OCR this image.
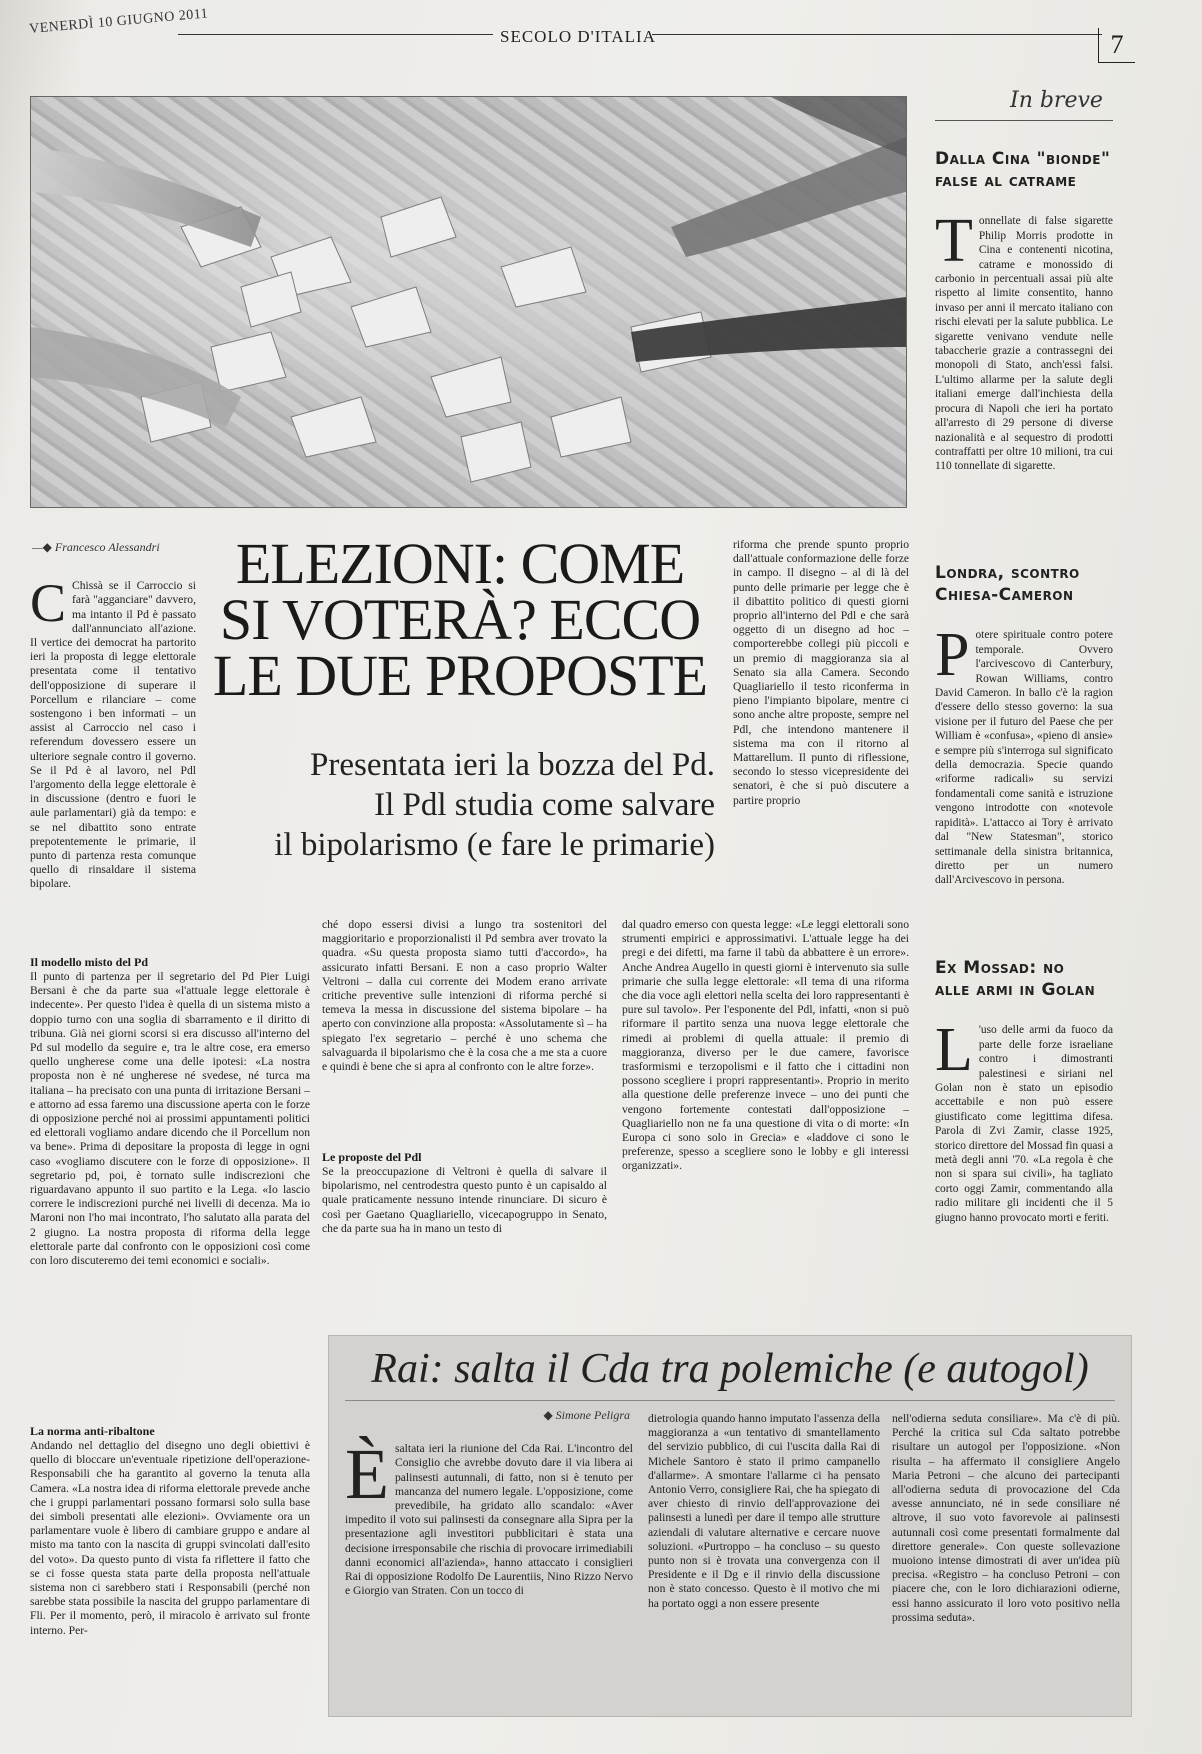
VENERDÌ 10 GIUGNO 2011	SECOLO D'ITALIA	7
—◆ Francesco Alessandri

C Chissà se il Carroccio si farà "agganciare" davvero, ma intanto il Pd è passato dall'annunciato all'azione. Il vertice dei democrat ha partorito ieri la proposta di legge elettorale presentata come il tentativo dell'opposizione di superare il Porcellum e rilanciare – come sostengono i ben informati – un assist al Carroccio nel caso i referendum dovessero essere un ulteriore segnale contro il governo. Se il Pd è al lavoro, nel Pdl l'argomento della legge elettorale è in discussione (dentro e fuori le aule parlamentari) già da tempo: e se nel dibattito sono entrate prepotentemente le primarie, il punto di partenza resta comunque quello di rinsaldare il sistema bipolare.

ELEZIONI: COME
SI VOTERÀ? ECCO
LE DUE PROPOSTE
Presentata ieri la bozza del Pd.
Il Pdl studia come salvare
il bipolarismo (e fare le primarie)
riforma che prende spunto proprio dall'attuale conformazione delle forze in campo. Il disegno – al di là del punto delle primarie per legge che è il dibattito politico di questi giorni proprio all'interno del Pdl e che sarà oggetto di un disegno ad hoc – comporterebbe collegi più piccoli e un premio di maggioranza sia al Senato sia alla Camera. Secondo Quagliariello il testo riconferma in pieno l'impianto bipolare, mentre ci sono anche altre proposte, sempre nel Pdl, che intendono mantenere il sistema ma con il ritorno al Mattarellum. Il punto di riflessione, secondo lo stesso vicepresidente dei senatori, è che si può discutere a partire proprio
Il modello misto del Pd
Il punto di partenza per il segretario del Pd Pier Luigi Bersani è che da parte sua «l'attuale legge elettorale è indecente». Per questo l'idea è quella di un sistema misto a doppio turno con una soglia di sbarramento e il diritto di tribuna. Già nei giorni scorsi si era discusso all'interno del Pd sul modello da seguire e, tra le altre cose, era emerso quello ungherese come una delle ipotesi: «La nostra proposta non è né ungherese né svedese, né turca ma italiana – ha precisato con una punta di irritazione Bersani – e attorno ad essa faremo una discussione aperta con le forze di opposizione perché noi ai prossimi appuntamenti politici ed elettorali vogliamo andare dicendo che il Porcellum non va bene». Prima di depositare la proposta di legge in ogni caso «vogliamo discutere con le forze di opposizione». Il segretario pd, poi, è tornato sulle indiscrezioni che riguardavano appunto il suo partito e la Lega. «Io lascio correre le indiscrezioni purché nei livelli di decenza. Ma io Maroni non l'ho mai incontrato, l'ho salutato alla parata del 2 giugno. La nostra proposta di riforma della legge elettorale parte dal confronto con le opposizioni così come con loro discuteremo dei temi economici e sociali».
La norma anti-ribaltone
Andando nel dettaglio del disegno uno degli obiettivi è quello di bloccare un'eventuale ripetizione dell'operazione-Responsabili che ha garantito al governo la tenuta alla Camera. «La nostra idea di riforma elettorale prevede anche che i gruppi parlamentari possano formarsi solo sulla base dei simboli presentati alle elezioni». Ovviamente ora un parlamentare vuole è libero di cambiare gruppo e andare al misto ma tanto con la nascita di gruppi svincolati dall'esito del voto». Da questo punto di vista fa riflettere il fatto che se ci fosse questa stata parte della proposta nell'attuale sistema non ci sarebbero stati i Responsabili (perché non sarebbe stata possibile la nascita del gruppo parlamentare di Fli. Per il momento, però, il miracolo è arrivato sul fronte interno. Per-
ché dopo essersi divisi a lungo tra sostenitori del maggioritario e proporzionalisti il Pd sembra aver trovato la quadra. «Su questa proposta siamo tutti d'accordo», ha assicurato infatti Bersani. E non a caso proprio Walter Veltroni – dalla cui corrente dei Modem erano arrivate critiche preventive sulle intenzioni di riforma perché si temeva la messa in discussione del sistema bipolare – ha aperto con convinzione alla proposta: «Assolutamente sì – ha spiegato l'ex segretario – perché è uno schema che salvaguarda il bipolarismo che è la cosa che a me sta a cuore e quindi è bene che si apra al confronto con le altre forze».
Le proposte del Pdl
Se la preoccupazione di Veltroni è quella di salvare il bipolarismo, nel centrodestra questo punto è un capisaldo al quale praticamente nessuno intende rinunciare. Di sicuro è così per Gaetano Quagliariello, vicecapogruppo in Senato, che da parte sua ha in mano un testo di
dal quadro emerso con questa legge: «Le leggi elettorali sono strumenti empirici e approssimativi. L'attuale legge ha dei pregi e dei difetti, ma farne il tabù da abbattere è un errore». Anche Andrea Augello in questi giorni è intervenuto sia sulle primarie che sulla legge elettorale: «Il tema di una riforma che dia voce agli elettori nella scelta dei loro rappresentanti è pure sul tavolo». Per l'esponente del Pdl, infatti, «non si può riformare il partito senza una nuova legge elettorale che rimedi ai problemi di quella attuale: il premio di maggioranza, diverso per le due camere, favorisce trasformismi e terzopolismi e il fatto che i cittadini non possono scegliere i propri rappresentanti». Proprio in merito alla questione delle preferenze invece – uno dei punti che vengono fortemente contestati dall'opposizione – Quagliariello non ne fa una questione di vita o di morte: «In Europa ci sono solo in Grecia» e «laddove ci sono le preferenze, spesso a scegliere sono le lobby e gli interessi organizzati».
In breve
Dalla Cina "bionde"
false al catrame

Tonnellate di false sigarette Philip Morris prodotte in Cina e contenenti nicotina, catrame e monossido di carbonio in percentuali assai più alte rispetto al limite consentito, hanno invaso per anni il mercato italiano con rischi elevati per la salute pubblica. Le sigarette venivano vendute nelle tabaccherie grazie a contrassegni dei monopoli di Stato, anch'essi falsi. L'ultimo allarme per la salute degli italiani emerge dall'inchiesta della procura di Napoli che ieri ha portato all'arresto di 29 persone di diverse nazionalità e al sequestro di prodotti contraffatti per oltre 10 milioni, tra cui 110 tonnellate di sigarette.

Londra, scontro
Chiesa-Cameron

Potere spirituale contro potere temporale. Ovvero l'arcivescovo di Canterbury, Rowan Williams, contro David Cameron. In ballo c'è la ragion d'essere dello stesso governo: la sua visione per il futuro del Paese che per William è «confusa», «pieno di ansie» e sempre più s'interroga sul significato della democrazia. Specie quando «riforme radicali» su servizi fondamentali come sanità e istruzione vengono introdotte con «notevole rapidità». L'attacco ai Tory è arrivato dal "New Statesman", storico settimanale della sinistra britannica, diretto per un numero dall'Arcivescovo in persona.

Ex Mossad: no
alle armi in Golan

L 'uso delle armi da fuoco da parte delle forze israeliane contro i dimostranti palestinesi e siriani nel Golan non è stato un episodio accettabile e non può essere giustificato come legittima difesa. Parola di Zvi Zamir, classe 1925, storico direttore del Mossad fin quasi a metà degli anni '70. «La regola è che non si spara sui civili», ha tagliato corto oggi Zamir, commentando alla radio militare gli incidenti che il 5 giugno hanno provocato morti e feriti.

Rai: salta il Cda tra polemiche (e autogol)
◆ Simone Peligra

Èsaltata ieri la riunione del Cda Rai. L'incontro del Consiglio che avrebbe dovuto dare il via libera ai palinsesti autunnali, di fatto, non si è tenuto per mancanza del numero legale. L'opposizione, come prevedibile, ha gridato allo scandalo: «Aver impedito il voto sui palinsesti da consegnare alla Sipra per la presentazione agli investitori pubblicitari è stata una decisione irresponsabile che rischia di provocare irrimediabili danni economici all'azienda», hanno attaccato i consiglieri Rai di opposizione Rodolfo De Laurentiis, Nino Rizzo Nervo e Giorgio van Straten. Con un tocco di

dietrologia quando hanno imputato l'assenza della maggioranza a «un tentativo di smantellamento del servizio pubblico, di cui l'uscita dalla Rai di Michele Santoro è stato il primo campanello d'allarme». A smontare l'allarme ci ha pensato Antonio Verro, consigliere Rai, che ha spiegato di aver chiesto di rinvio dell'approvazione dei palinsesti a lunedì per dare il tempo alle strutture aziendali di valutare alternative e cercare nuove soluzioni. «Purtroppo – ha concluso – su questo punto non si è trovata una convergenza con il Presidente e il Dg e il rinvio della discussione non è stato concesso. Questo è il motivo che mi ha portato oggi a non essere presente
nell'odierna seduta consiliare». Ma c'è di più. Perché la critica sul Cda saltato potrebbe risultare un autogol per l'opposizione. «Non risulta – ha affermato il consigliere Angelo Maria Petroni – che alcuno dei partecipanti all'odierna seduta di provocazione del Cda avesse annunciato, né in sede consiliare né altrove, il suo voto favorevole ai palinsesti autunnali così come presentati formalmente dal direttore generale». Con queste sollevazione muoiono intense dimostrati di aver un'idea più precisa. «Registro – ha concluso Petroni – con piacere che, con le loro dichiarazioni odierne, essi hanno assicurato il loro voto positivo nella prossima seduta».
